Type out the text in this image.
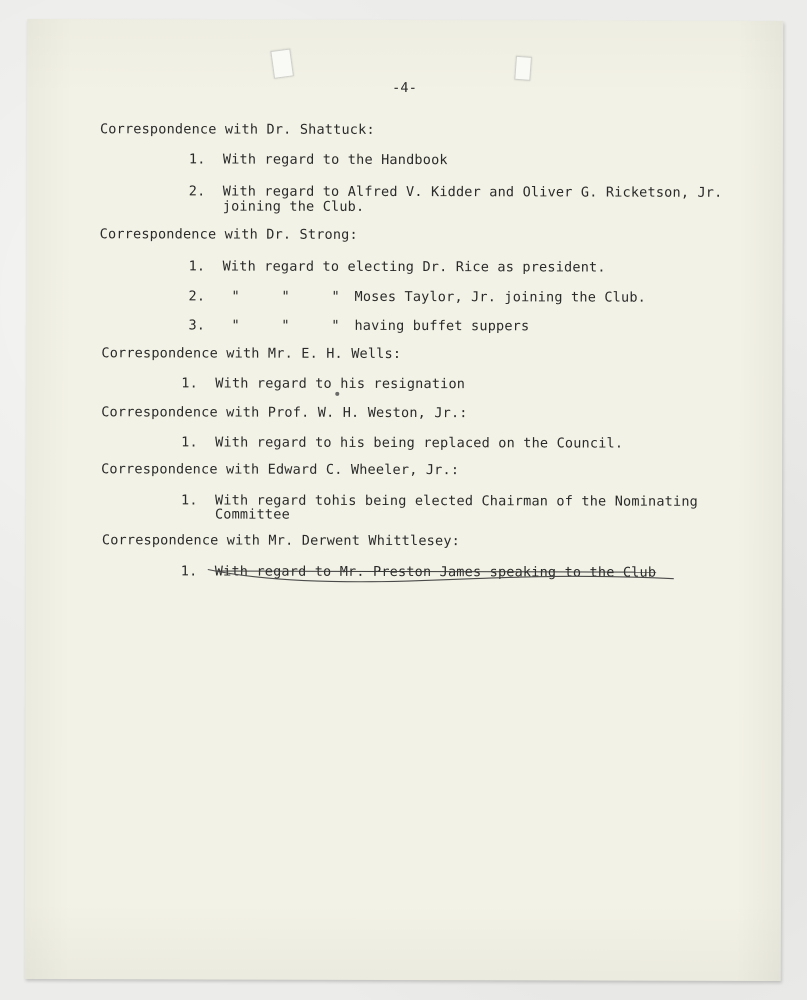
-4-
Correspondence with Dr. Shattuck:
1. With regard to the Handbook
2. With regard to Alfred V. Kidder and Oliver G. Ricketson, Jr.
joining the Club.
Correspondence with Dr. Strong:
1. With regard to electing Dr. Rice as president.
2. "     "     " Moses Taylor, Jr. joining the Club.
3. "     "     " having buffet suppers
Correspondence with Mr. E. H. Wells:
1. With regard to his resignation
Correspondence with Prof. W. H. Weston, Jr.:
1. With regard to his being replaced on the Council.
Correspondence with Edward C. Wheeler, Jr.:
1. With regard tohis being elected Chairman of the Nominating
Committee
Correspondence with Mr. Derwent Whittlesey:
1. With regard to Mr. Preston James speaking to the Club
